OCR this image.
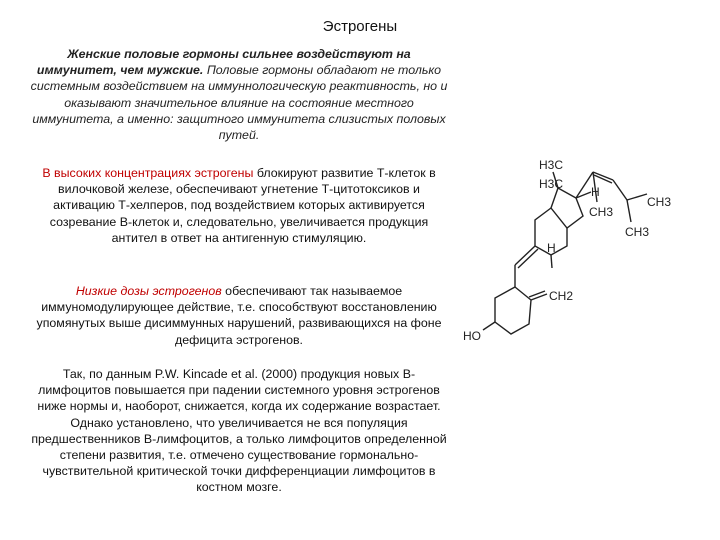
Эстрогены

Женские половые гормоны сильнее воздействуют на иммунитет, чем мужские. Половые гормоны обладают не только системным воздействием на иммуннологическую реактивность, но и оказывают значительное влияние на состояние местного иммунитета, а именно: защитного иммунитета слизистых половых путей.

В высоких концентрациях эстрогены блокируют развитие Т-клеток в вилочковой железе, обеспечивают угнетение Т-цитотоксиков и активацию Т-хелперов, под воздействием которых активируется созревание В-клеток и, следовательно, увеличивается продукция антител в ответ на антигенную стимуляцию.

Низкие дозы эстрогенов обеспечивают так называемое иммуномодулирующее действие, т.е. способствуют восстановлению упомянутых выше дисиммунных нарушений, развивающихся на фоне дефицита эстрогенов.

Так, по данным P.W. Kincade et al. (2000) продукция новых В-лимфоцитов повышается при падении системного уровня эстрогенов ниже нормы и, наоборот, снижается, когда их содержание возрастает. Однако установлено, что увеличивается не вся популяция предшественников В-лимфоцитов, а только лимфоцитов определенной степени развития, т.е. отмечено существование гормонально-чувствительной критической точки дифференциации лимфоцитов в костном мозге.

H3C
H3C
H
CH3
CH3
CH3
H
CH2
HO
